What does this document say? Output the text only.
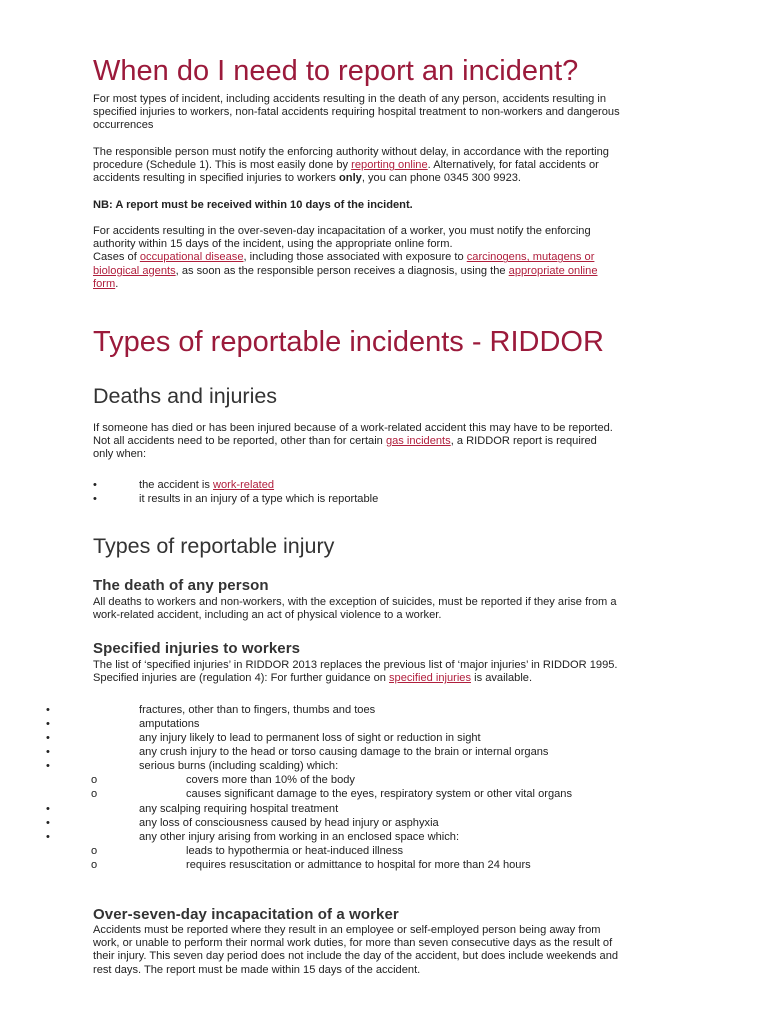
When do I need to report an incident?
For most types of incident, including accidents resulting in the death of any person, accidents resulting in
specified injuries to workers, non-fatal accidents requiring hospital treatment to non-workers and dangerous
occurrences
The responsible person must notify the enforcing authority without delay, in accordance with the reporting
procedure (Schedule 1). This is most easily done by reporting online. Alternatively, for fatal accidents or
accidents resulting in specified injuries to workers only, you can phone 0345 300 9923.
NB: A report must be received within 10 days of the incident.
For accidents resulting in the over-seven-day incapacitation of a worker, you must notify the enforcing
authority within 15 days of the incident, using the appropriate online form.
Cases of occupational disease, including those associated with exposure to carcinogens, mutagens or
biological agents, as soon as the responsible person receives a diagnosis, using the appropriate online
form.
Types of reportable incidents - RIDDOR
Deaths and injuries
If someone has died or has been injured because of a work-related accident this may have to be reported.
Not all accidents need to be reported, other than for certain gas incidents, a RIDDOR report is required
only when:
•	the accident is work-related
•	it results in an injury of a type which is reportable
Types of reportable injury
The death of any person
All deaths to workers and non-workers, with the exception of suicides, must be reported if they arise from a
work-related accident, including an act of physical violence to a worker.
Specified injuries to workers
The list of ‘specified injuries’ in RIDDOR 2013 replaces the previous list of ‘major injuries’ in RIDDOR 1995.
Specified injuries are (regulation 4): For further guidance on specified injuries is available.
•	fractures, other than to fingers, thumbs and toes
•	amputations
•	any injury likely to lead to permanent loss of sight or reduction in sight
•	any crush injury to the head or torso causing damage to the brain or internal organs
•	serious burns (including scalding) which:
o	covers more than 10% of the body
o	causes significant damage to the eyes, respiratory system or other vital organs
•	any scalping requiring hospital treatment
•	any loss of consciousness caused by head injury or asphyxia
•	any other injury arising from working in an enclosed space which:
o	leads to hypothermia or heat-induced illness
o	requires resuscitation or admittance to hospital for more than 24 hours
Over-seven-day incapacitation of a worker
Accidents must be reported where they result in an employee or self-employed person being away from
work, or unable to perform their normal work duties, for more than seven consecutive days as the result of
their injury. This seven day period does not include the day of the accident, but does include weekends and
rest days. The report must be made within 15 days of the accident.
